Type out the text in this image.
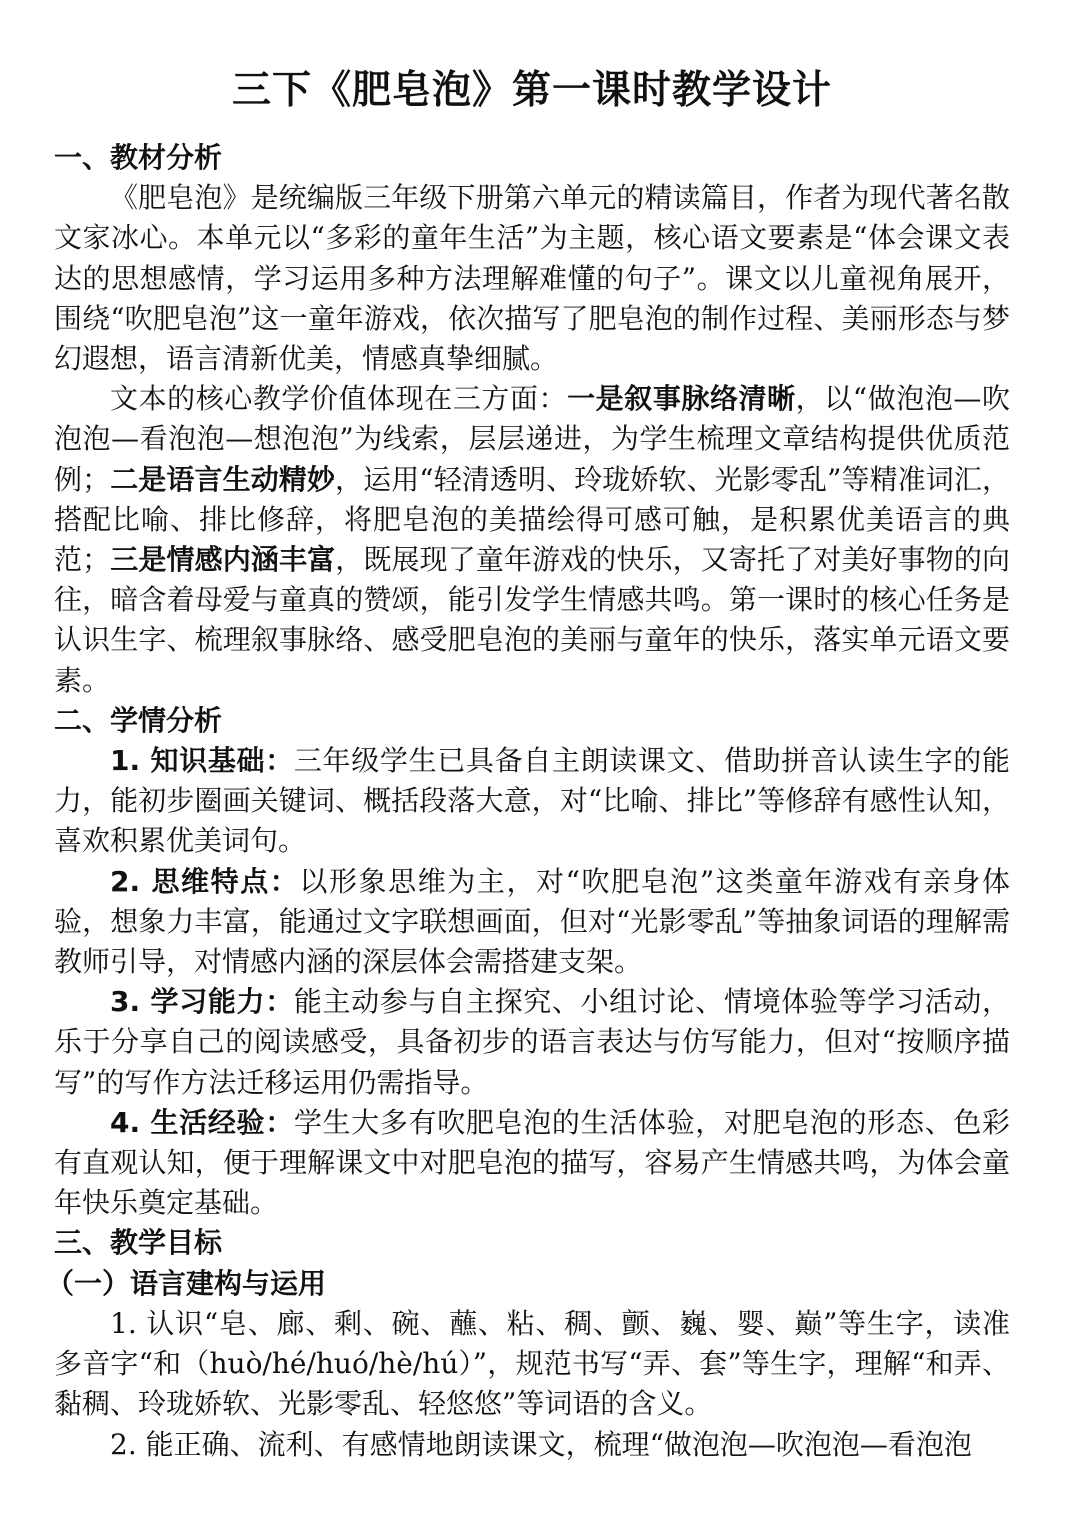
三下《肥皂泡》第一课时教学设计
一、教材分析

《肥皂泡》是统编版三年级下册第六单元的精读篇目，作者为现代著名散文家冰心。本单元以“多彩的童年生活”为主题，核心语文要素是“体会课文表达的思想感情，学习运用多种方法理解难懂的句子”。课文以儿童视角展开，围绕“吹肥皂泡”这一童年游戏，依次描写了肥皂泡的制作过程、美丽形态与梦幻遐想，语言清新优美，情感真挚细腻。

文本的核心教学价值体现在三方面：一是叙事脉络清晰，以“做泡泡—吹泡泡—看泡泡—想泡泡”为线索，层层递进，为学生梳理文章结构提供优质范例；二是语言生动精妙，运用“轻清透明、玲珑娇软、光影零乱”等精准词汇，搭配比喻、排比修辞，将肥皂泡的美描绘得可感可触，是积累优美语言的典范；三是情感内涵丰富，既展现了童年游戏的快乐，又寄托了对美好事物的向往，暗含着母爱与童真的赞颂，能引发学生情感共鸣。第一课时的核心任务是认识生字、梳理叙事脉络、感受肥皂泡的美丽与童年的快乐，落实单元语文要素。

二、学情分析

1. 知识基础：三年级学生已具备自主朗读课文、借助拼音认读生字的能力，能初步圈画关键词、概括段落大意，对“比喻、排比”等修辞有感性认知，喜欢积累优美词句。

2. 思维特点：以形象思维为主，对“吹肥皂泡”这类童年游戏有亲身体验，想象力丰富，能通过文字联想画面，但对“光影零乱”等抽象词语的理解需教师引导，对情感内涵的深层体会需搭建支架。

3. 学习能力：能主动参与自主探究、小组讨论、情境体验等学习活动，乐于分享自己的阅读感受，具备初步的语言表达与仿写能力，但对“按顺序描写”的写作方法迁移运用仍需指导。

4. 生活经验：学生大多有吹肥皂泡的生活体验，对肥皂泡的形态、色彩有直观认知，便于理解课文中对肥皂泡的描写，容易产生情感共鸣，为体会童年快乐奠定基础。

三、教学目标
（一）语言建构与运用

1. 认识“皂、廊、剩、碗、蘸、粘、稠、颤、巍、婴、巅”等生字，读准多音字“和（huò/hé/huó/hè/hú）”，规范书写“弄、套”等生字，理解“和弄、黏稠、玲珑娇软、光影零乱、轻悠悠”等词语的含义。

2. 能正确、流利、有感情地朗读课文，梳理“做泡泡—吹泡泡—看泡泡
